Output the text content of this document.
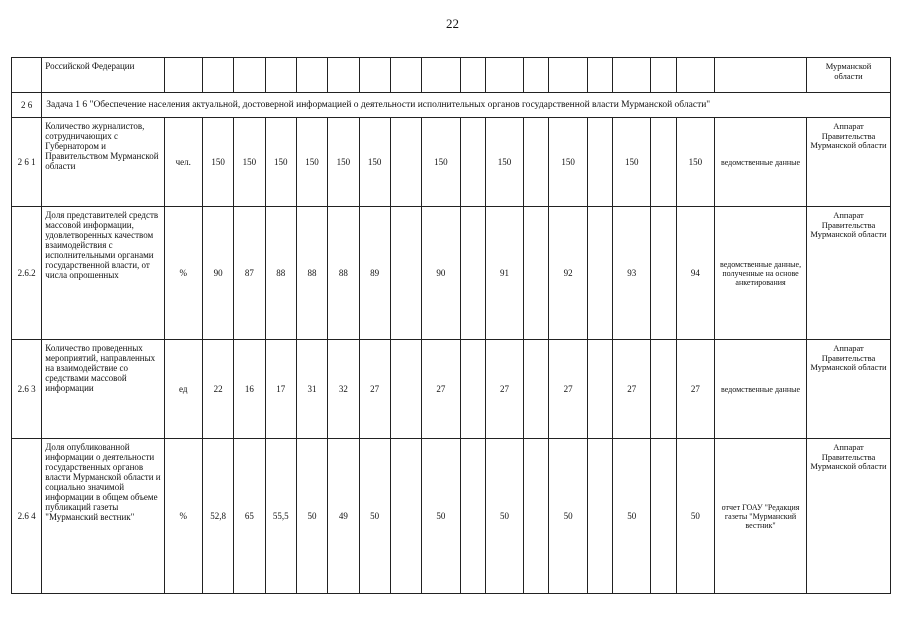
22
	Российской Федерации																			Мурманской
области
2 6	Задача 1 6 "Обеспечение населения актуальной, достоверной информацией о деятельности исполнительных органов государственной власти Мурманской области"																			
2 6 1	Количество журналистов, сотрудничающих с Губернатором и Правительством Мурманской области	чел.	150	150	150	150	150	150		150		150		150		150		150	ведомственные данные	Аппарат Правительства Мурманской области
2.6.2	Доля представителей средств массовой информации, удовлетворенных качеством взаимодействия с исполнительными органами государственной власти, от числа опрошенных	%	90	87	88	88	88	89		90		91		92		93		94	ведомственные данные, полученные на основе анкетирования	Аппарат Правительства Мурманской области
2.6 3	Количество проведенных мероприятий, направленных на взаимодействие со средствами массовой информации	ед	22	16	17	31	32	27		27		27		27		27		27	ведомственные данные	Аппарат Правительства Мурманской области
2.6 4	Доля опубликованной информации о деятельности государственных органов власти Мурманской области и социально значимой информации в общем объеме публикаций газеты "Мурманский вестник"	%	52,8	65	55,5	50	49	50		50		50		50		50		50	отчет ГОАУ "Редакция газеты "Мурманский вестник"	Аппарат Правительства Мурманской области
